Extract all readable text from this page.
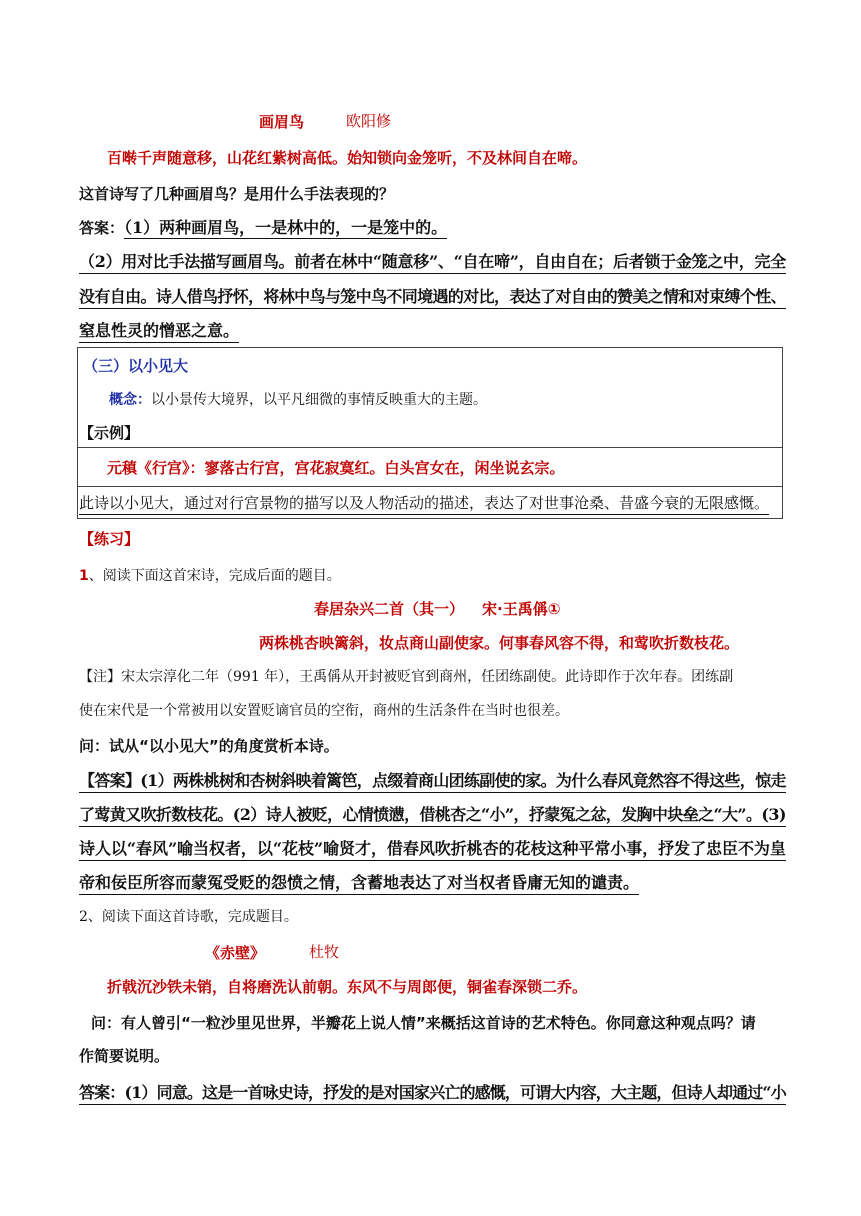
画眉鸟	欧阳修
百啭千声随意移，山花红紫树高低。始知锁向金笼听，不及林间自在啼。
这首诗写了几种画眉鸟？是用什么手法表现的？
答案：（1）两种画眉鸟，一是林中的，一是笼中的。
（2）用对比手法描写画眉鸟。前者在林中“随意移”、“自在啼”，自由自在；后者锁于金笼之中，完全
没有自由。诗人借鸟抒怀，将林中鸟与笼中鸟不同境遇的对比，表达了对自由的赞美之情和对束缚个性、
窒息性灵的憎恶之意。
（三）以小见大
概念：以小景传大境界，以平凡细微的事情反映重大的主题。
【示例】
元稹《行宫》：寥落古行宫，宫花寂寞红。白头宫女在，闲坐说玄宗。
此诗以小见大，通过对行宫景物的描写以及人物活动的描述，表达了对世事沧桑、昔盛今衰的无限感慨。
【练习】
1、阅读下面这首宋诗，完成后面的题目。
春居杂兴二首（其一） 宋·王禹偁①
两株桃杏映篱斜，妆点商山副使家。何事春风容不得，和莺吹折数枝花。
【注】宋太宗淳化二年（991 年），王禹偁从开封被贬官到商州，任团练副使。此诗即作于次年春。团练副
使在宋代是一个常被用以安置贬谪官员的空衔，商州的生活条件在当时也很差。
问：试从“以小见大”的角度赏析本诗。
【答案】(1）两株桃树和杏树斜映着篱笆，点缀着商山团练副使的家。为什么春风竟然容不得这些，惊走
了莺黄又吹折数枝花。(2）诗人被贬，心情愤懑，借桃杏之“小”，抒蒙冤之忿，发胸中块垒之“大”。(3)
诗人以“春风”喻当权者，以“花枝”喻贤才，借春风吹折桃杏的花枝这种平常小事，抒发了忠臣不为皇
帝和佞臣所容而蒙冤受贬的怨愤之情，含蓄地表达了对当权者昏庸无知的谴责。
2、阅读下面这首诗歌，完成题目。
《赤壁》	杜牧
折戟沉沙铁未销，自将磨洗认前朝。东风不与周郎便，铜雀春深锁二乔。
问：有人曾引“一粒沙里见世界，半瓣花上说人情”来概括这首诗的艺术特色。你同意这种观点吗？请
作简要说明。
答案：(1）同意。这是一首咏史诗，抒发的是对国家兴亡的感慨，可谓大内容，大主题，但诗人却通过“小
